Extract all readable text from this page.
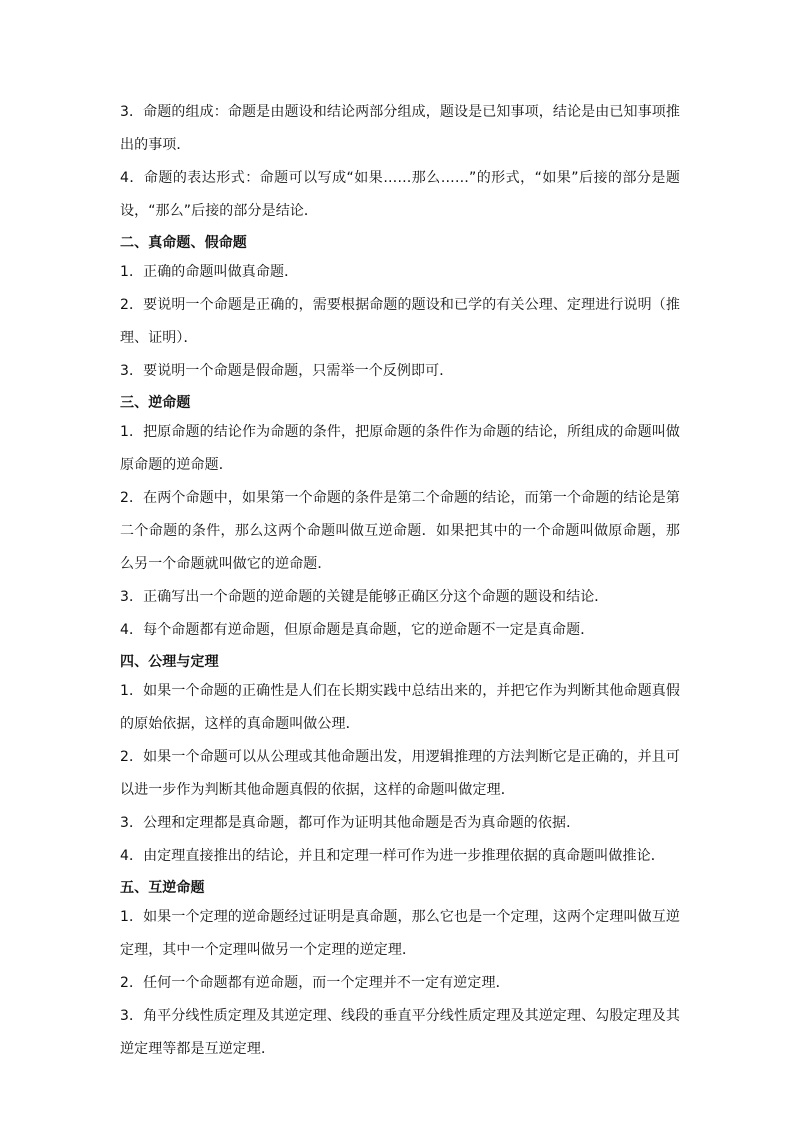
3．命题的组成：命题是由题设和结论两部分组成，题设是已知事项，结论是由已知事项推出的事项．

4．命题的表达形式：命题可以写成“如果……那么……”的形式，“如果”后接的部分是题设，“那么”后接的部分是结论．

二、真命题、假命题

1．正确的命题叫做真命题．

2．要说明一个命题是正确的，需要根据命题的题设和已学的有关公理、定理进行说明（推理、证明）．

3．要说明一个命题是假命题，只需举一个反例即可．

三、逆命题

1．把原命题的结论作为命题的条件，把原命题的条件作为命题的结论，所组成的命题叫做原命题的逆命题．

2．在两个命题中，如果第一个命题的条件是第二个命题的结论，而第一个命题的结论是第二个命题的条件，那么这两个命题叫做互逆命题．如果把其中的一个命题叫做原命题，那么另一个命题就叫做它的逆命题．

3．正确写出一个命题的逆命题的关键是能够正确区分这个命题的题设和结论．

4．每个命题都有逆命题，但原命题是真命题，它的逆命题不一定是真命题．

四、公理与定理

1．如果一个命题的正确性是人们在长期实践中总结出来的，并把它作为判断其他命题真假的原始依据，这样的真命题叫做公理．

2．如果一个命题可以从公理或其他命题出发，用逻辑推理的方法判断它是正确的，并且可以进一步作为判断其他命题真假的依据，这样的命题叫做定理．

3．公理和定理都是真命题，都可作为证明其他命题是否为真命题的依据．

4．由定理直接推出的结论，并且和定理一样可作为进一步推理依据的真命题叫做推论．

五、互逆命题

1．如果一个定理的逆命题经过证明是真命题，那么它也是一个定理，这两个定理叫做互逆定理，其中一个定理叫做另一个定理的逆定理．

2．任何一个命题都有逆命题，而一个定理并不一定有逆定理．

3．角平分线性质定理及其逆定理、线段的垂直平分线性质定理及其逆定理、勾股定理及其逆定理等都是互逆定理．
